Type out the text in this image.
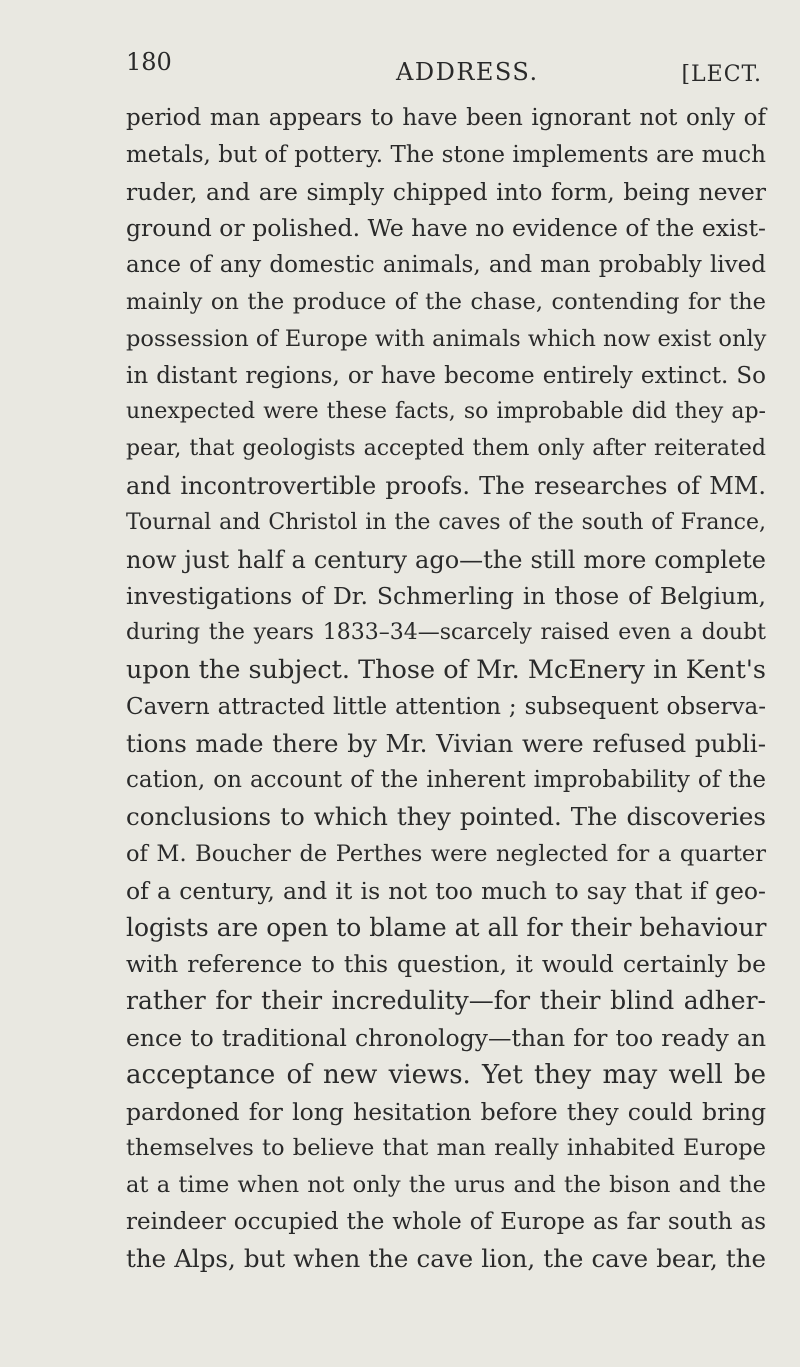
180	ADDRESS.	[LECT.
period man appears to have been ignorant not only of
metals, but of pottery. The stone implements are much
ruder, and are simply chipped into form, being never
ground or polished. We have no evidence of the exist-
ance of any domestic animals, and man probably lived
mainly on the produce of the chase, contending for the
possession of Europe with animals which now exist only
in distant regions, or have become entirely extinct. So
unexpected were these facts, so improbable did they ap-
pear, that geologists accepted them only after reiterated
and incontrovertible proofs. The researches of MM.
Tournal and Christol in the caves of the south of France,
now just half a century ago—the still more complete
investigations of Dr. Schmerling in those of Belgium,
during the years 1833–34—scarcely raised even a doubt
upon the subject. Those of Mr. McEnery in Kent's
Cavern attracted little attention ; subsequent observa-
tions made there by Mr. Vivian were refused publi-
cation, on account of the inherent improbability of the
conclusions to which they pointed. The discoveries
of M. Boucher de Perthes were neglected for a quarter
of a century, and it is not too much to say that if geo-
logists are open to blame at all for their behaviour
with reference to this question, it would certainly be
rather for their incredulity—for their blind adher-
ence to traditional chronology—than for too ready an
acceptance of new views. Yet they may well be
pardoned for long hesitation before they could bring
themselves to believe that man really inhabited Europe
at a time when not only the urus and the bison and the
reindeer occupied the whole of Europe as far south as
the Alps, but when the cave lion, the cave bear, the
